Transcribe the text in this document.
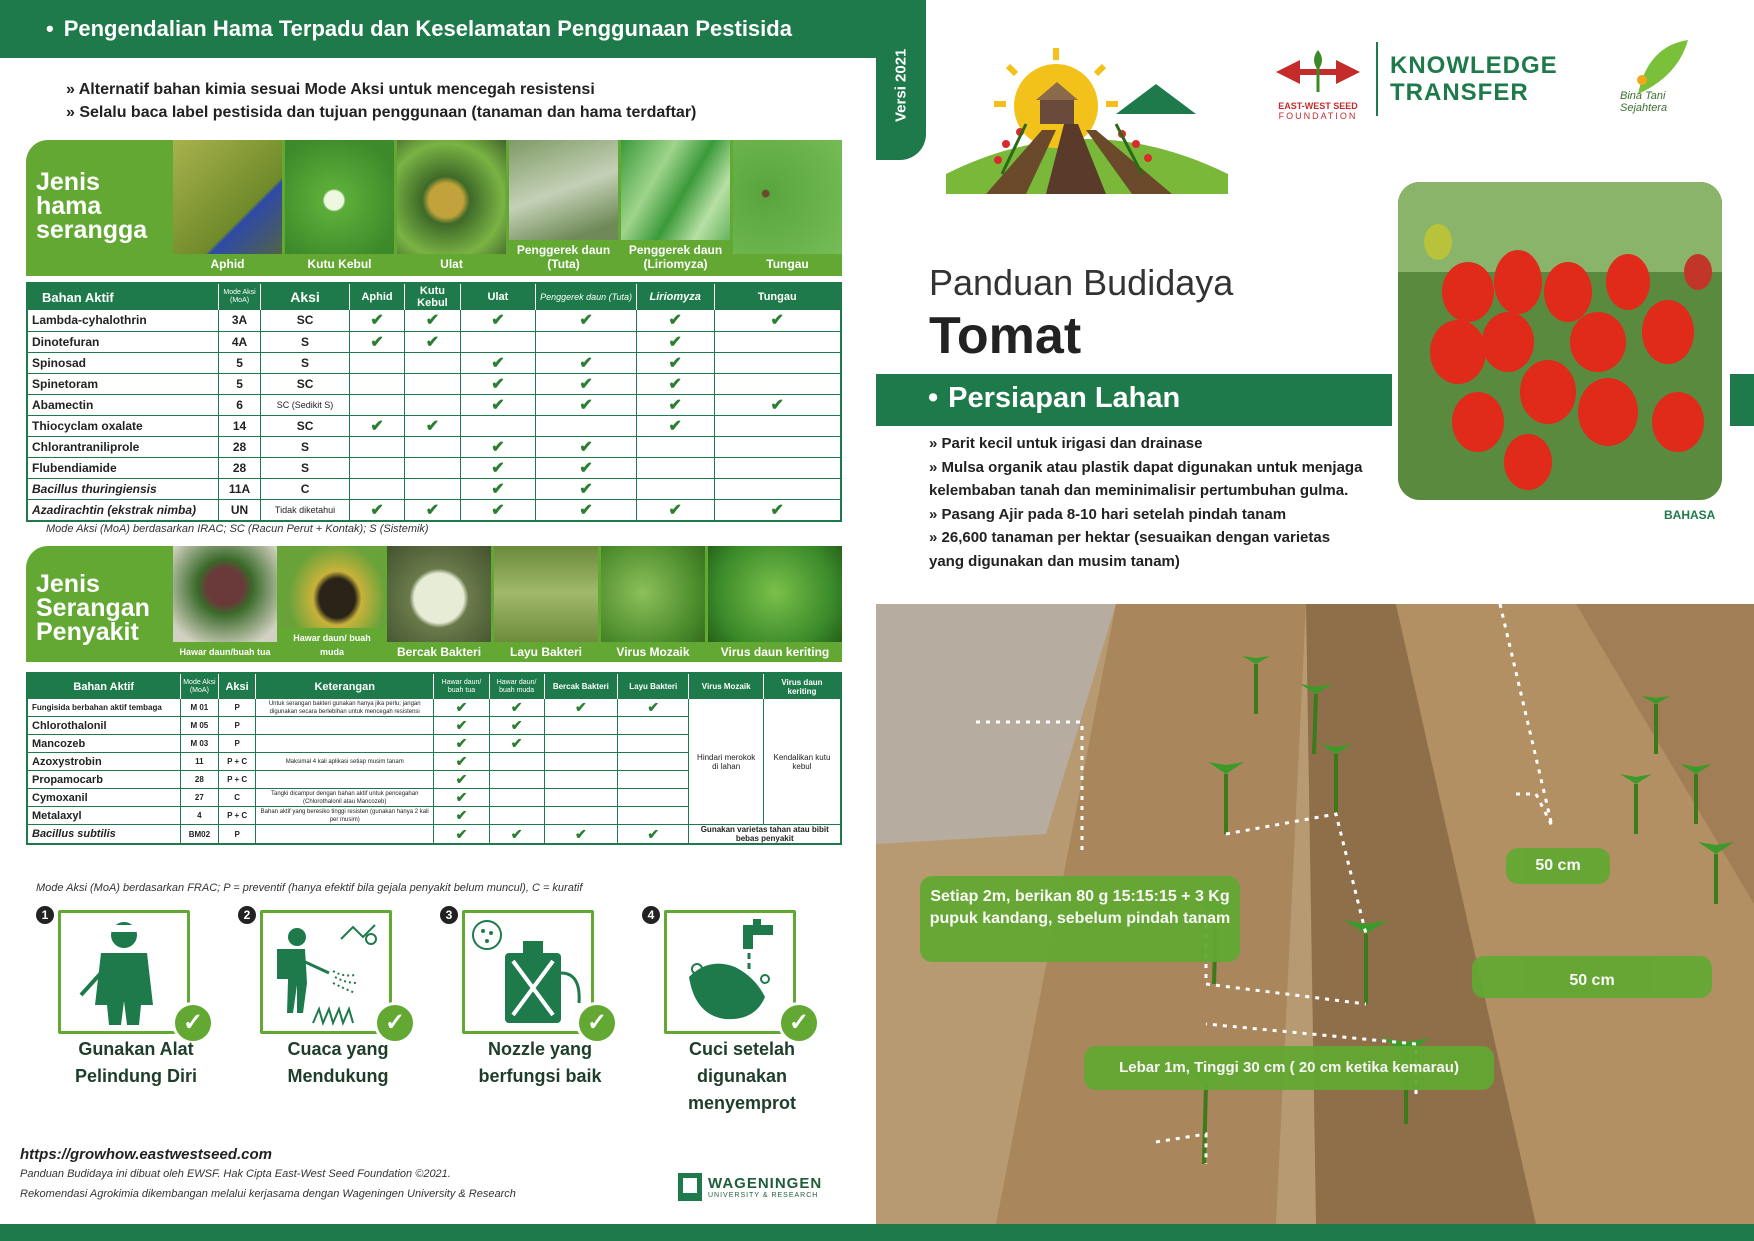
• Pengendalian Hama Terpadu dan Keselamatan Penggunaan Pestisida
Versi 2021
» Alternatif bahan kimia sesuai Mode Aksi untuk mencegah resistensi
» Selalu baca label pestisida dan tujuan penggunaan (tanaman dan hama terdaftar)
Jenis
hama
serangga
Aphid	Kutu Kebul	Ulat
Penggerek daun (Tuta)
Penggerek daun (Liriomyza)	Tungau
Bahan Aktif	Mode Aksi (MoA)	Aksi	Aphid	Kutu Kebul	Ulat	Penggerek daun (Tuta)	Liriomyza	Tungau
Lambda-cyhalothrin	3A	SC	✔	✔	✔	✔	✔	✔
Dinotefuran	4A	S	✔	✔			✔	
Spinosad	5	S			✔	✔	✔	
Spinetoram	5	SC			✔	✔	✔	
Abamectin	6	SC (Sedikit S)			✔	✔	✔	✔
Thiocyclam oxalate	14	SC	✔	✔			✔	
Chlorantraniliprole	28	S			✔	✔		
Flubendiamide	28	S			✔	✔		
Bacillus thuringiensis	11A	C			✔	✔		
Azadirachtin (ekstrak nimba)	UN	Tidak diketahui	✔	✔	✔	✔	✔	✔
Mode Aksi (MoA) berdasarkan IRAC; SC (Racun Perut + Kontak); S (Sistemik)
Jenis
Serangan
Penyakit
Hawar daun/buah tua
Hawar daun/ buah muda	Bercak Bakteri	Layu Bakteri	Virus Mozaik	Virus daun keriting
Bahan Aktif	Mode Aksi (MoA)	Aksi	Keterangan	Hawar daun/ buah tua	Hawar daun/ buah muda	Bercak Bakteri	Layu Bakteri	Virus Mozaik	Virus daun keriting
Fungisida berbahan aktif tembaga	M 01	P	Untuk serangan bakteri gunakan hanya jika perlu; jangan digunakan secara berlebihan untuk mencegah resistensi	✔	✔	✔	✔	Hindari merokok di lahan	Kendalikan kutu kebul
Chlorothalonil	M 05	P		✔	✔				
Mancozeb	M 03	P		✔	✔				
Azoxystrobin	11	P + C	Maksimal 4 kali aplikasi setiap musim tanam	✔					
Propamocarb	28	P + C		✔					
Cymoxanil	27	C	Tangki dicampur dengan bahan aktif untuk pencegahan (Chlorothalonil atau Mancozeb)	✔					
Metalaxyl	4	P + C	Bahan aktif yang beresiko tinggi resisten (gunakan hanya 2 kali per musim)	✔					
Bacillus subtilis	BM02	P		✔	✔	✔	✔	Gunakan varietas tahan atau bibit bebas penyakit	
Mode Aksi (MoA) berdasarkan FRAC; P = preventif (hanya efektif bila gejala penyakit belum muncul), C = kuratif
1
✓
Gunakan Alat
Pelindung Diri
2
✓
Cuaca yang Mendukung
3
✓
Nozzle yang
berfungsi baik
4
✓
Cuci setelah
digunakan menyemprot
https://growhow.eastwestseed.com
Panduan Budidaya ini dibuat oleh EWSF. Hak Cipta East-West Seed Foundation ©2021.
Rekomendasi Agrokimia dikembangan melalui kerjasama dengan Wageningen University & Research
WAGENINGEN
UNIVERSITY & RESEARCH
EAST-WEST SEED
FOUNDATION
KNOWLEDGE
TRANSFER	Bina Tani
Sejahtera
Panduan Budidaya
Tomat
BAHASA
• Persiapan Lahan
» Parit kecil untuk irigasi dan drainase
» Mulsa organik atau plastik dapat digunakan untuk menjaga kelembaban tanah dan meminimalisir pertumbuhan gulma.
» Pasang Ajir pada 8-10 hari setelah pindah tanam
» 26,600 tanaman per hektar (sesuaikan dengan varietas yang digunakan dan musim tanam)
Setiap 2m, berikan 80 g 15:15:15 + 3 Kg pupuk kandang, sebelum pindah tanam
50 cm
50 cm
Lebar 1m, Tinggi 30 cm ( 20 cm ketika kemarau)
